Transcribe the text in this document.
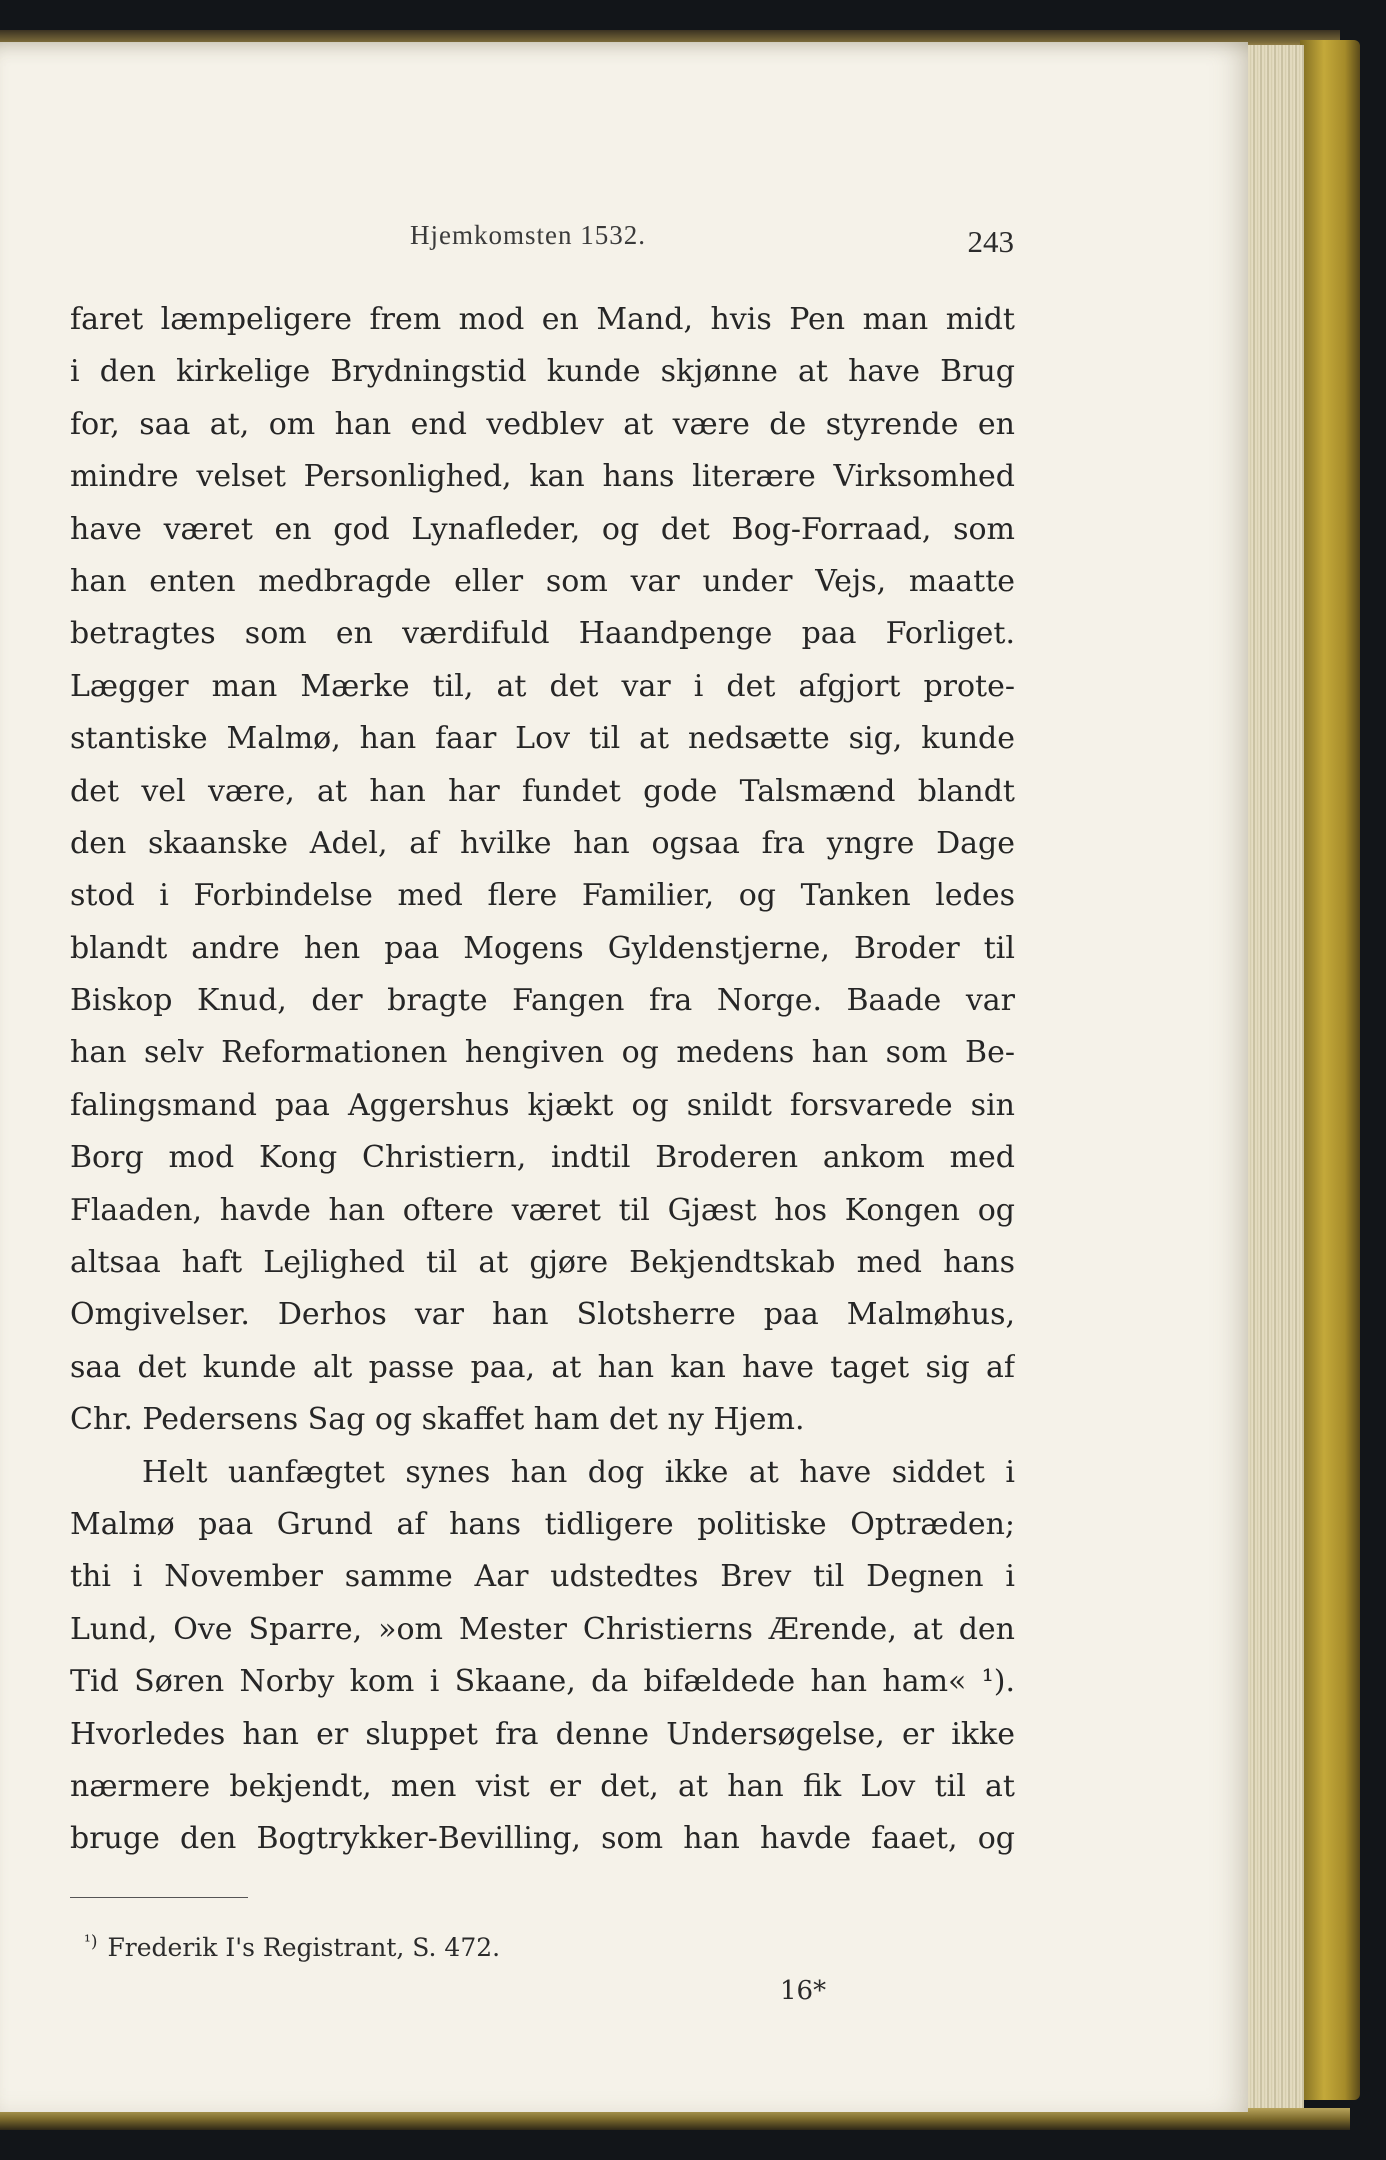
Hjemkomsten 1532.	243
faret læmpeligere frem mod en Mand, hvis Pen man midt
i den kirkelige Brydningstid kunde skjønne at have Brug
for, saa at, om han end vedblev at være de styrende en
mindre velset Personlighed, kan hans literære Virksomhed
have været en god Lynafleder, og det Bog-Forraad, som
han enten medbragde eller som var under Vejs, maatte
betragtes som en værdifuld Haandpenge paa Forliget.
Lægger man Mærke til, at det var i det afgjort prote-
stantiske Malmø, han faar Lov til at nedsætte sig, kunde
det vel være, at han har fundet gode Talsmænd blandt
den skaanske Adel, af hvilke han ogsaa fra yngre Dage
stod i Forbindelse med flere Familier, og Tanken ledes
blandt andre hen paa Mogens Gyldenstjerne, Broder til
Biskop Knud, der bragte Fangen fra Norge. Baade var
han selv Reformationen hengiven og medens han som Be-
falingsmand paa Aggershus kjækt og snildt forsvarede sin
Borg mod Kong Christiern, indtil Broderen ankom med
Flaaden, havde han oftere været til Gjæst hos Kongen og
altsaa haft Lejlighed til at gjøre Bekjendtskab med hans
Omgivelser. Derhos var han Slotsherre paa Malmøhus,
saa det kunde alt passe paa, at han kan have taget sig af
Chr. Pedersens Sag og skaffet ham det ny Hjem.
Helt uanfægtet synes han dog ikke at have siddet i
Malmø paa Grund af hans tidligere politiske Optræden;
thi i November samme Aar udstedtes Brev til Degnen i
Lund, Ove Sparre, »om Mester Christierns Ærende, at den
Tid Søren Norby kom i Skaane, da bifældede han ham« ¹).
Hvorledes han er sluppet fra denne Undersøgelse, er ikke
nærmere bekjendt, men vist er det, at han fik Lov til at
bruge den Bogtrykker-Bevilling, som han havde faaet, og
$^{^1)}$ Frederik I's Registrant, S. 472.
16*
